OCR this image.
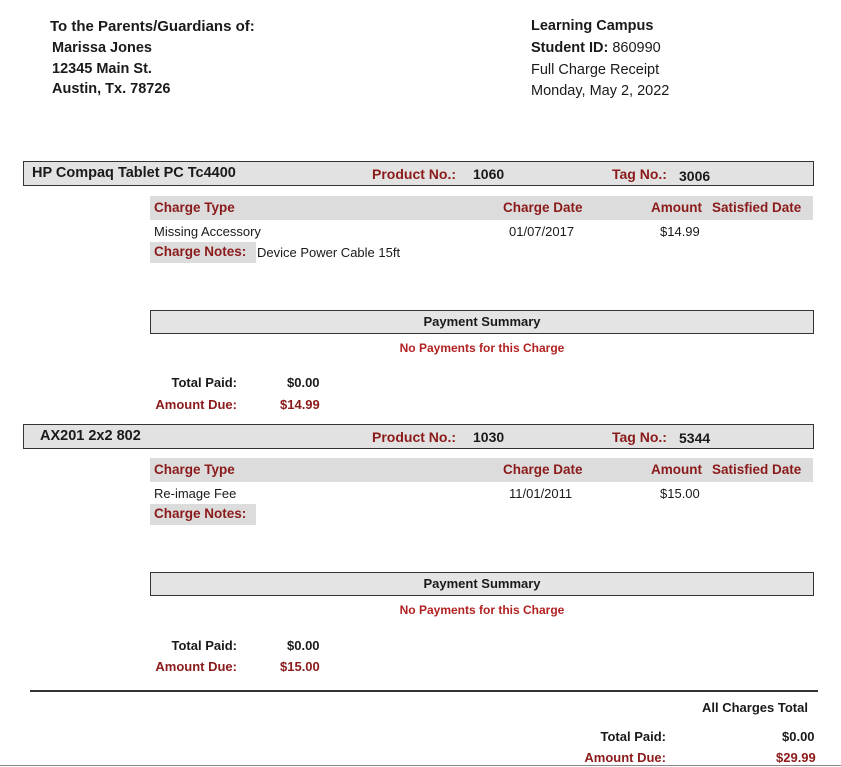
To the Parents/Guardians of:
Marissa Jones
12345 Main St.
Austin, Tx. 78726
Learning Campus
Student ID: 860990
Full Charge Receipt
Monday, May 2, 2022
HP Compaq Tablet PC Tc4400	Product No.: 1060	Tag No.: 3006
Charge Type	Charge Date	Amount Satisfied Date
Missing Accessory	01/07/2017	$14.99
Charge Notes: Device Power Cable 15ft
Payment Summary
No Payments for this Charge
Total Paid:	$0.00
Amount Due:	$14.99
AX201 2x2 802	Product No.: 1030	Tag No.: 5344
Charge Type	Charge Date	Amount Satisfied Date
Re-image Fee	11/01/2011	$15.00
Charge Notes:
Payment Summary
No Payments for this Charge
Total Paid:	$0.00
Amount Due:	$15.00
All Charges Total
Total Paid:	$0.00
Amount Due:	$29.99
